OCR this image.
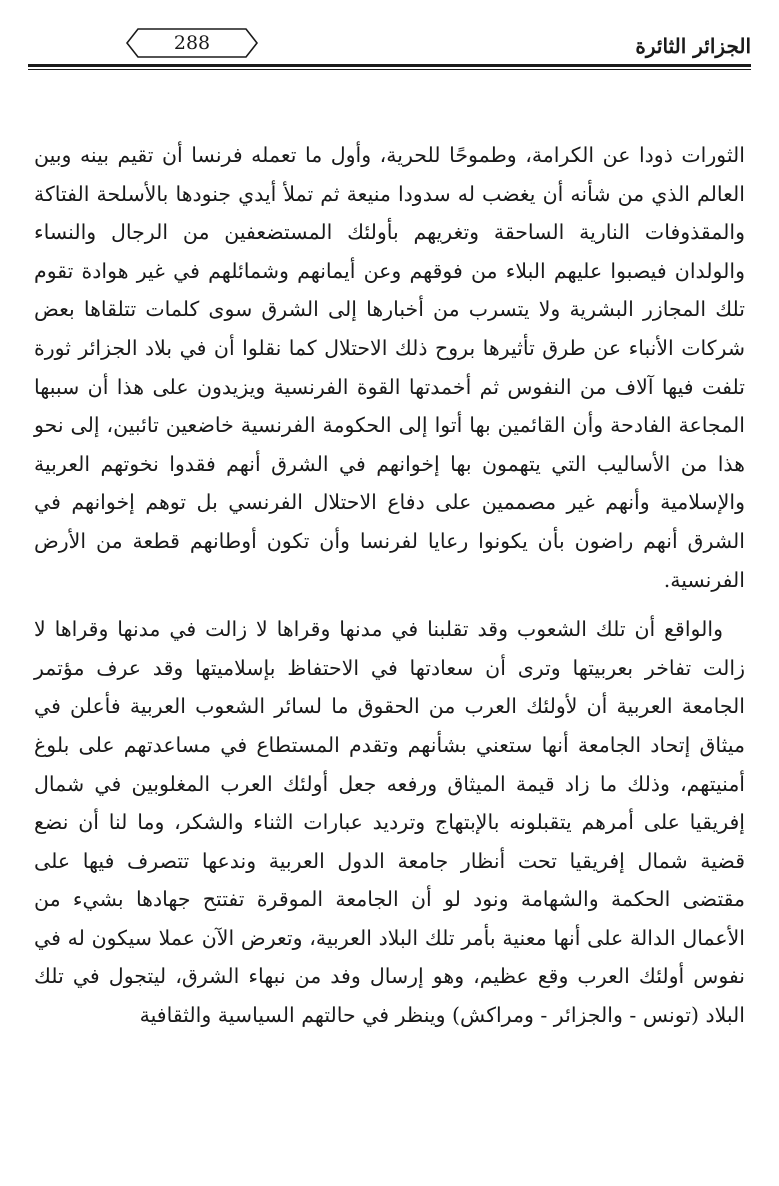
الجزائر الثائرة
288

الثورات ذودا عن الكرامة، وطموحًا للحرية، وأول ما تعمله فرنسا أن تقيم بينه وبين العالم الذي من شأنه أن يغضب له سدودا منيعة ثم تملأ أيدي جنودها بالأسلحة الفتاكة والمقذوفات النارية الساحقة وتغريهم بأولئك المستضعفين من الرجال والنساء والولدان فيصبوا عليهم البلاء من فوقهم وعن أيمانهم وشمائلهم في غير هوادة تقوم تلك المجازر البشرية ولا يتسرب من أخبارها إلى الشرق سوى كلمات تتلقاها بعض شركات الأنباء عن طرق تأثيرها بروح ذلك الاحتلال كما نقلوا أن في بلاد الجزائر ثورة تلفت فيها آلاف من النفوس ثم أخمدتها القوة الفرنسية ويزيدون على هذا أن سببها المجاعة الفادحة وأن القائمين بها أتوا إلى الحكومة الفرنسية خاضعين تائبين، إلى نحو هذا من الأساليب التي يتهمون بها إخوانهم في الشرق أنهم فقدوا نخوتهم العربية والإسلامية وأنهم غير مصممين على دفاع الاحتلال الفرنسي بل توهم إخوانهم في الشرق أنهم راضون بأن يكونوا رعايا لفرنسا وأن تكون أوطانهم قطعة من الأرض الفرنسية.

والواقع أن تلك الشعوب وقد تقلبنا في مدنها وقراها لا زالت في مدنها وقراها لا زالت تفاخر بعربيتها وترى أن سعادتها في الاحتفاظ بإسلاميتها وقد عرف مؤتمر الجامعة العربية أن لأولئك العرب من الحقوق ما لسائر الشعوب العربية فأعلن في ميثاق إتحاد الجامعة أنها ستعني بشأنهم وتقدم المستطاع في مساعدتهم على بلوغ أمنيتهم، وذلك ما زاد قيمة الميثاق ورفعه جعل أولئك العرب المغلوبين في شمال إفريقيا على أمرهم يتقبلونه بالإبتهاج وترديد عبارات الثناء والشكر، وما لنا أن نضع قضية شمال إفريقيا تحت أنظار جامعة الدول العربية وندعها تتصرف فيها على مقتضى الحكمة والشهامة ونود لو أن الجامعة الموقرة تفتتح جهادها بشيء من الأعمال الدالة على أنها معنية بأمر تلك البلاد العربية، وتعرض الآن عملا سيكون له في نفوس أولئك العرب وقع عظيم، وهو إرسال وفد من نبهاء الشرق، ليتجول في تلك البلاد (تونس - والجزائر - ومراكش) وينظر في حالتهم السياسية والثقافية
